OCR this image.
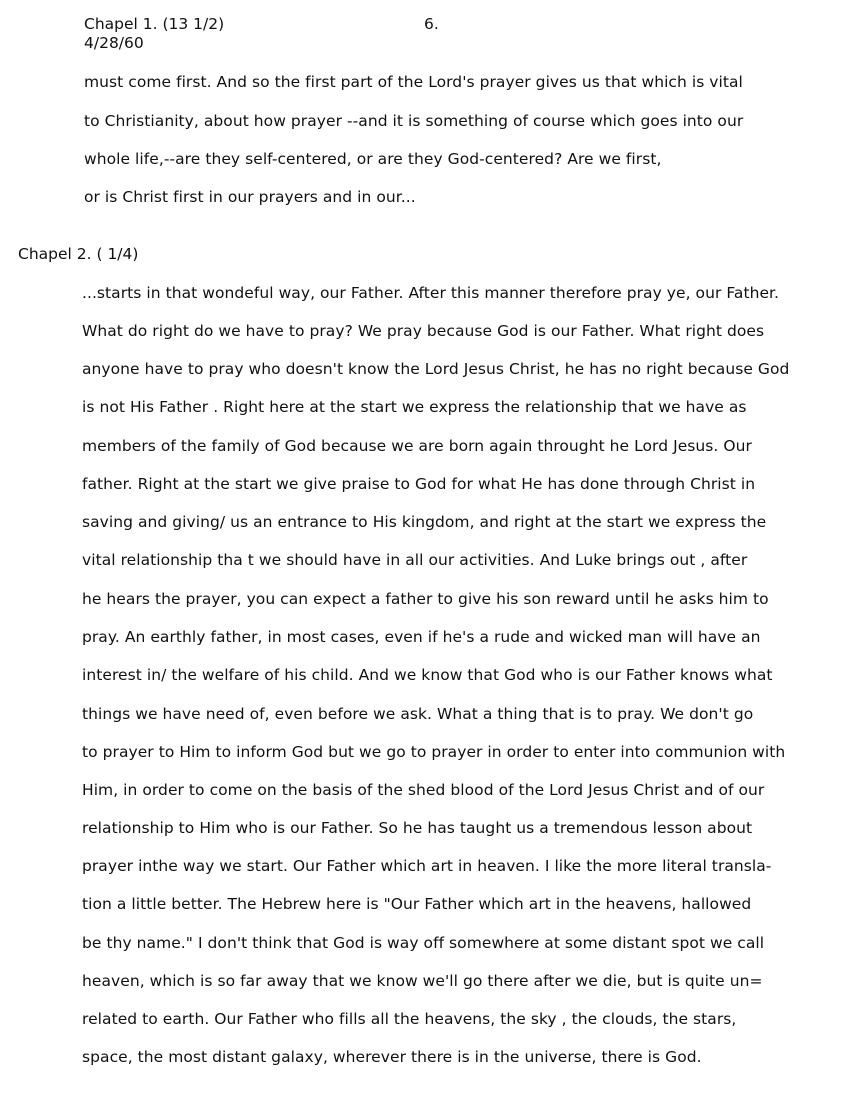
Chapel 1. (13 1/2)	6.
4/28/60
must come first. And so the first part of the Lord's prayer gives us that which is vital
to Christianity, about how prayer --and it is something of course which goes into our
whole life,--are they self-centered, or are they God-centered? Are we first,
or is Christ first in our prayers and in our...
Chapel 2. ( 1/4)
...starts in that wondeful way, our Father. After this manner therefore pray ye, our Father.
What do right do we have to pray? We pray because God is our Father. What right does
anyone have to pray who doesn't know the Lord Jesus Christ, he has no right because God
is not His Father . Right here at the start we express the relationship that we have as
members of the family of God because we are born again throught he Lord Jesus. Our
father. Right at the start we give praise to God for what He has done through Christ in
saving and giving/ us an entrance to His kingdom, and right at the start we express the
vital relationship tha t we should have in all our activities. And Luke brings out , after
he hears the prayer, you can expect a father to give his son reward until he asks him to
pray. An earthly father, in most cases, even if he's a rude and wicked man will have an
interest in/ the welfare of his child. And we know that God who is our Father knows what
things we have need of, even before we ask. What a thing that is to pray. We don't go
to prayer to Him to inform God but we go to prayer in order to enter into communion with
Him, in order to come on the basis of the shed blood of the Lord Jesus Christ and of our
relationship to Him who is our Father. So he has taught us a tremendous lesson about
prayer inthe way we start. Our Father which art in heaven. I like the more literal transla-
tion a little better. The Hebrew here is "Our Father which art in the heavens, hallowed
be thy name." I don't think that God is way off somewhere at some distant spot we call
heaven, which is so far away that we know we'll go there after we die, but is quite un=
related to earth. Our Father who fills all the heavens, the sky , the clouds, the stars,
space, the most distant galaxy, wherever there is in the universe, there is God.
